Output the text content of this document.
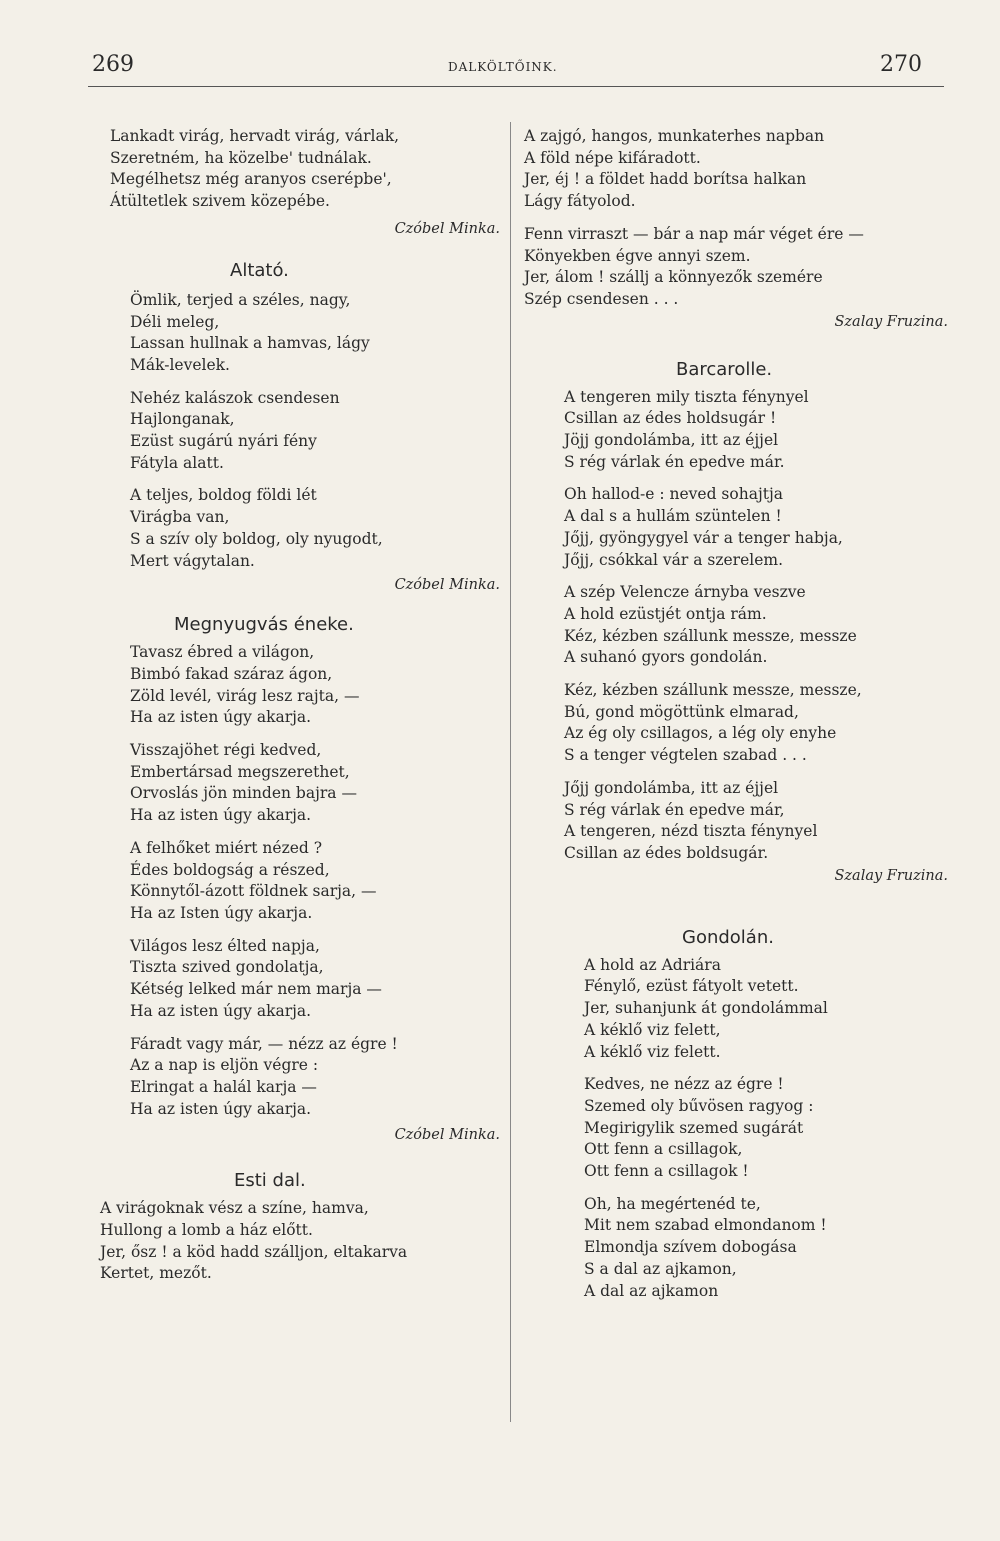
269	DALKÖLTŐINK.	270
Lankadt virág, hervadt virág, várlak,
Szeretném, ha közelbe' tudnálak.
Megélhetsz még aranyos cserépbe',
Átültetlek szivem közepébe.
Czóbel Minka.
Altató.
Ömlik, terjed a széles, nagy,
Déli meleg,
Lassan hullnak a hamvas, lágy
Mák-levelek.
Nehéz kalászok csendesen
Hajlonganak,
Ezüst sugárú nyári fény
Fátyla alatt.
A teljes, boldog földi lét
Virágba van,
S a szív oly boldog, oly nyugodt,
Mert vágytalan.
Czóbel Minka.
Megnyugvás éneke.
Tavasz ébred a világon,
Bimbó fakad száraz ágon,
Zöld levél, virág lesz rajta, —
Ha az isten úgy akarja.
Visszajöhet régi kedved,
Embertársad megszerethet,
Orvoslás jön minden bajra —
Ha az isten úgy akarja.
A felhőket miért nézed ?
Édes boldogság a részed,
Könnytől-ázott földnek sarja, —
Ha az Isten úgy akarja.
Világos lesz élted napja,
Tiszta szived gondolatja,
Kétség lelked már nem marja —
Ha az isten úgy akarja.
Fáradt vagy már, — nézz az égre !
Az a nap is eljön végre :
Elringat a halál karja —
Ha az isten úgy akarja.
Czóbel Minka.
Esti dal.
A virágoknak vész a színe, hamva,
Hullong a lomb a ház előtt.
Jer, ősz ! a köd hadd szálljon, eltakarva
Kertet, mezőt.
A zajgó, hangos, munkaterhes napban
A föld népe kifáradott.
Jer, éj ! a földet hadd borítsa halkan
Lágy fátyolod.
Fenn virraszt — bár a nap már véget ére —
Könyekben égve annyi szem.
Jer, álom ! szállj a könnyezők szemére
Szép csendesen . . .
Szalay Fruzina.
Barcarolle.
A tengeren mily tiszta fénynyel
Csillan az édes holdsugár !
Jöjj gondolámba, itt az éjjel
S rég várlak én epedve már.
Oh hallod-e : neved sohajtja
A dal s a hullám szüntelen !
Jőjj, gyöngygyel vár a tenger habja,
Jőjj, csókkal vár a szerelem.
A szép Velencze árnyba veszve
A hold ezüstjét ontja rám.
Kéz, kézben szállunk messze, messze
A suhanó gyors gondolán.
Kéz, kézben szállunk messze, messze,
Bú, gond mögöttünk elmarad,
Az ég oly csillagos, a lég oly enyhe
S a tenger végtelen szabad . . .
Jőjj gondolámba, itt az éjjel
S rég várlak én epedve már,
A tengeren, nézd tiszta fénynyel
Csillan az édes boldsugár.
Szalay Fruzina.
Gondolán.
A hold az Adriára
Fénylő, ezüst fátyolt vetett.
Jer, suhanjunk át gondolámmal
A kéklő viz felett,
A kéklő viz felett.
Kedves, ne nézz az égre !
Szemed oly bűvösen ragyog :
Megirigylik szemed sugárát
Ott fenn a csillagok,
Ott fenn a csillagok !
Oh, ha megértenéd te,
Mit nem szabad elmondanom !
Elmondja szívem dobogása
S a dal az ajkamon,
A dal az ajkamon
